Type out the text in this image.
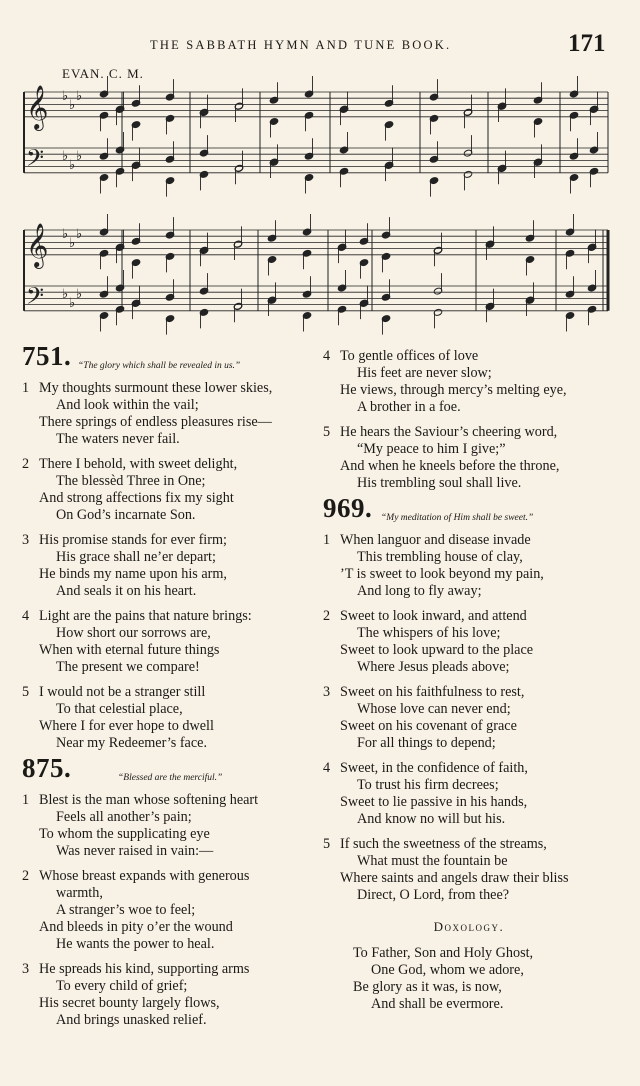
THE SABBATH HYMN AND TUNE BOOK.	171
EVAN. C. M.
𝄞 ♭
♭
♭
𝄢 ♭
♭
♭
𝄞 ♭
♭
♭
𝄢 ♭
♭
♭
751. “The glory which shall be revealed in us.”
1 My thoughts surmount these lower skies,
And look within the vail;
There springs of endless pleasures rise—
The waters never fail.
2 There I behold, with sweet delight,
The blessèd Three in One;
And strong affections fix my sight
On God’s incarnate Son.
3 His promise stands for ever firm;
His grace shall ne’er depart;
He binds my name upon his arm,
And seals it on his heart.
4 Light are the pains that nature brings:
How short our sorrows are,
When with eternal future things
The present we compare!
5 I would not be a stranger still
To that celestial place,
Where I for ever hope to dwell
Near my Redeemer’s face.
875.	“Blessed are the merciful.”
1 Blest is the man whose softening heart
Feels all another’s pain;
To whom the supplicating eye
Was never raised in vain:—
2 Whose breast expands with generous
warmth,
A stranger’s woe to feel;
And bleeds in pity o’er the wound
He wants the power to heal.
3 He spreads his kind, supporting arms
To every child of grief;
His secret bounty largely flows,
And brings unasked relief.
4 To gentle offices of love
His feet are never slow;
He views, through mercy’s melting eye,
A brother in a foe.
5 He hears the Saviour’s cheering word,
“My peace to him I give;”
And when he kneels before the throne,
His trembling soul shall live.
969. “My meditation of Him shall be sweet.”
1 When languor and disease invade
This trembling house of clay,
’T is sweet to look beyond my pain,
And long to fly away;
2 Sweet to look inward, and attend
The whispers of his love;
Sweet to look upward to the place
Where Jesus pleads above;
3 Sweet on his faithfulness to rest,
Whose love can never end;
Sweet on his covenant of grace
For all things to depend;
4 Sweet, in the confidence of faith,
To trust his firm decrees;
Sweet to lie passive in his hands,
And know no will but his.
5 If such the sweetness of the streams,
What must the fountain be
Where saints and angels draw their bliss
Direct, O Lord, from thee?
Doxology.
To Father, Son and Holy Ghost,
One God, whom we adore,
Be glory as it was, is now,
And shall be evermore.
